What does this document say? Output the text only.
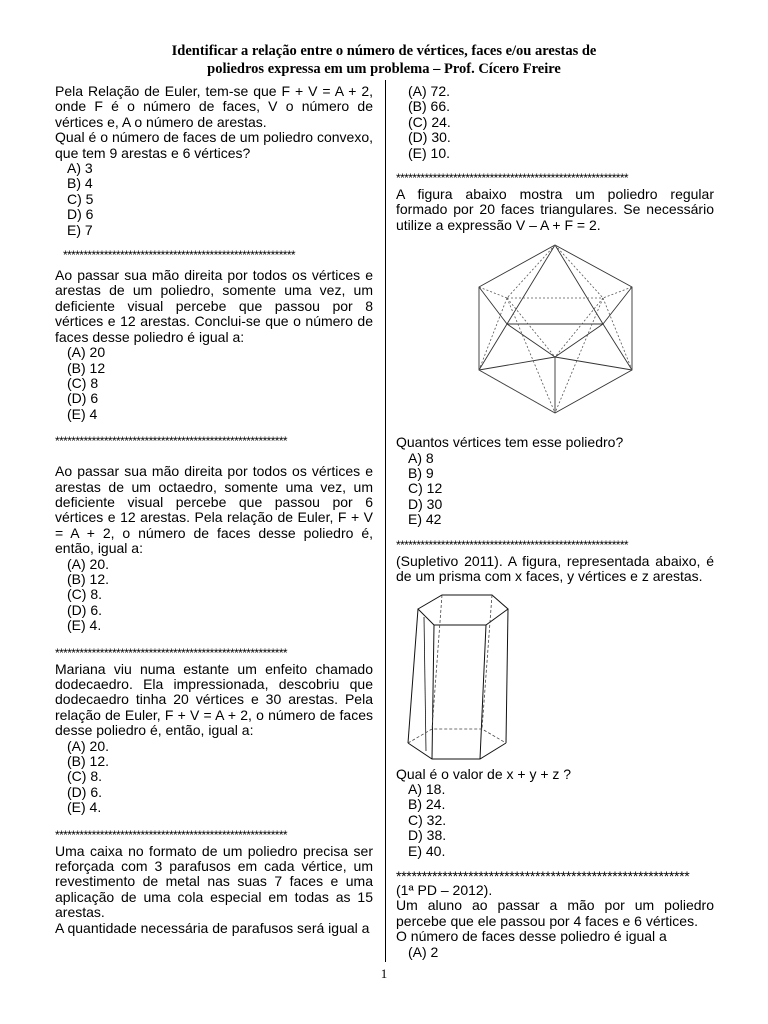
Identificar a relação entre o número de vértices, faces e/ou arestas de
poliedros expressa em um problema – Prof. Cícero Freire

Pela Relação de Euler, tem-se que F + V = A + 2, onde F é o número de faces, V o número de vértices e, A o número de arestas.

Qual é o número de faces de um poliedro convexo, que tem 9 arestas e 6 vértices?

A) 3
B) 4
C) 5
D) 6
E) 7
*********************************************************

Ao passar sua mão direita por todos os vértices e arestas de um poliedro, somente uma vez, um deficiente visual percebe que passou por 8 vértices e 12 arestas. Conclui-se que o número de faces desse poliedro é igual a:

(A) 20
(B) 12
(C) 8
(D) 6
(E) 4
*********************************************************

Ao passar sua mão direita por todos os vértices e arestas de um octaedro, somente uma vez, um deficiente visual percebe que passou por 6 vértices e 12 arestas. Pela relação de Euler, F + V = A + 2, o número de faces desse poliedro é, então, igual a:

(A) 20.
(B) 12.
(C) 8.
(D) 6.
(E) 4.
*********************************************************

Mariana viu numa estante um enfeito chamado dodecaedro. Ela impressionada, descobriu que dodecaedro tinha 20 vértices e 30 arestas. Pela relação de Euler, F + V = A + 2, o número de faces desse poliedro é, então, igual a:

(A) 20.
(B) 12.
(C) 8.
(D) 6.
(E) 4.
*********************************************************

Uma caixa no formato de um poliedro precisa ser reforçada com 3 parafusos em cada vértice, um revestimento de metal nas suas 7 faces e uma aplicação de uma cola especial em todas as 15 arestas.

A quantidade necessária de parafusos será igual a

(A) 72.
(B) 66.
(C) 24.
(D) 30.
(E) 10.
*********************************************************

A figura abaixo mostra um poliedro regular formado por 20 faces triangulares. Se necessário utilize a expressão V – A + F = 2.

Quantos vértices tem esse poliedro?

A) 8
B) 9
C) 12
D) 30
E) 42
*********************************************************

(Supletivo 2011). A figura, representada abaixo, é de um prisma com x faces, y vértices e z arestas.

Qual é o valor de x + y + z ?

A) 18.
B) 24.
C) 32.
D) 38.
E) 40.
*********************************************************

(1ª PD – 2012).

Um aluno ao passar a mão por um poliedro percebe que ele passou por 4 faces e 6 vértices.

O número de faces desse poliedro é igual a

(A) 2
1
